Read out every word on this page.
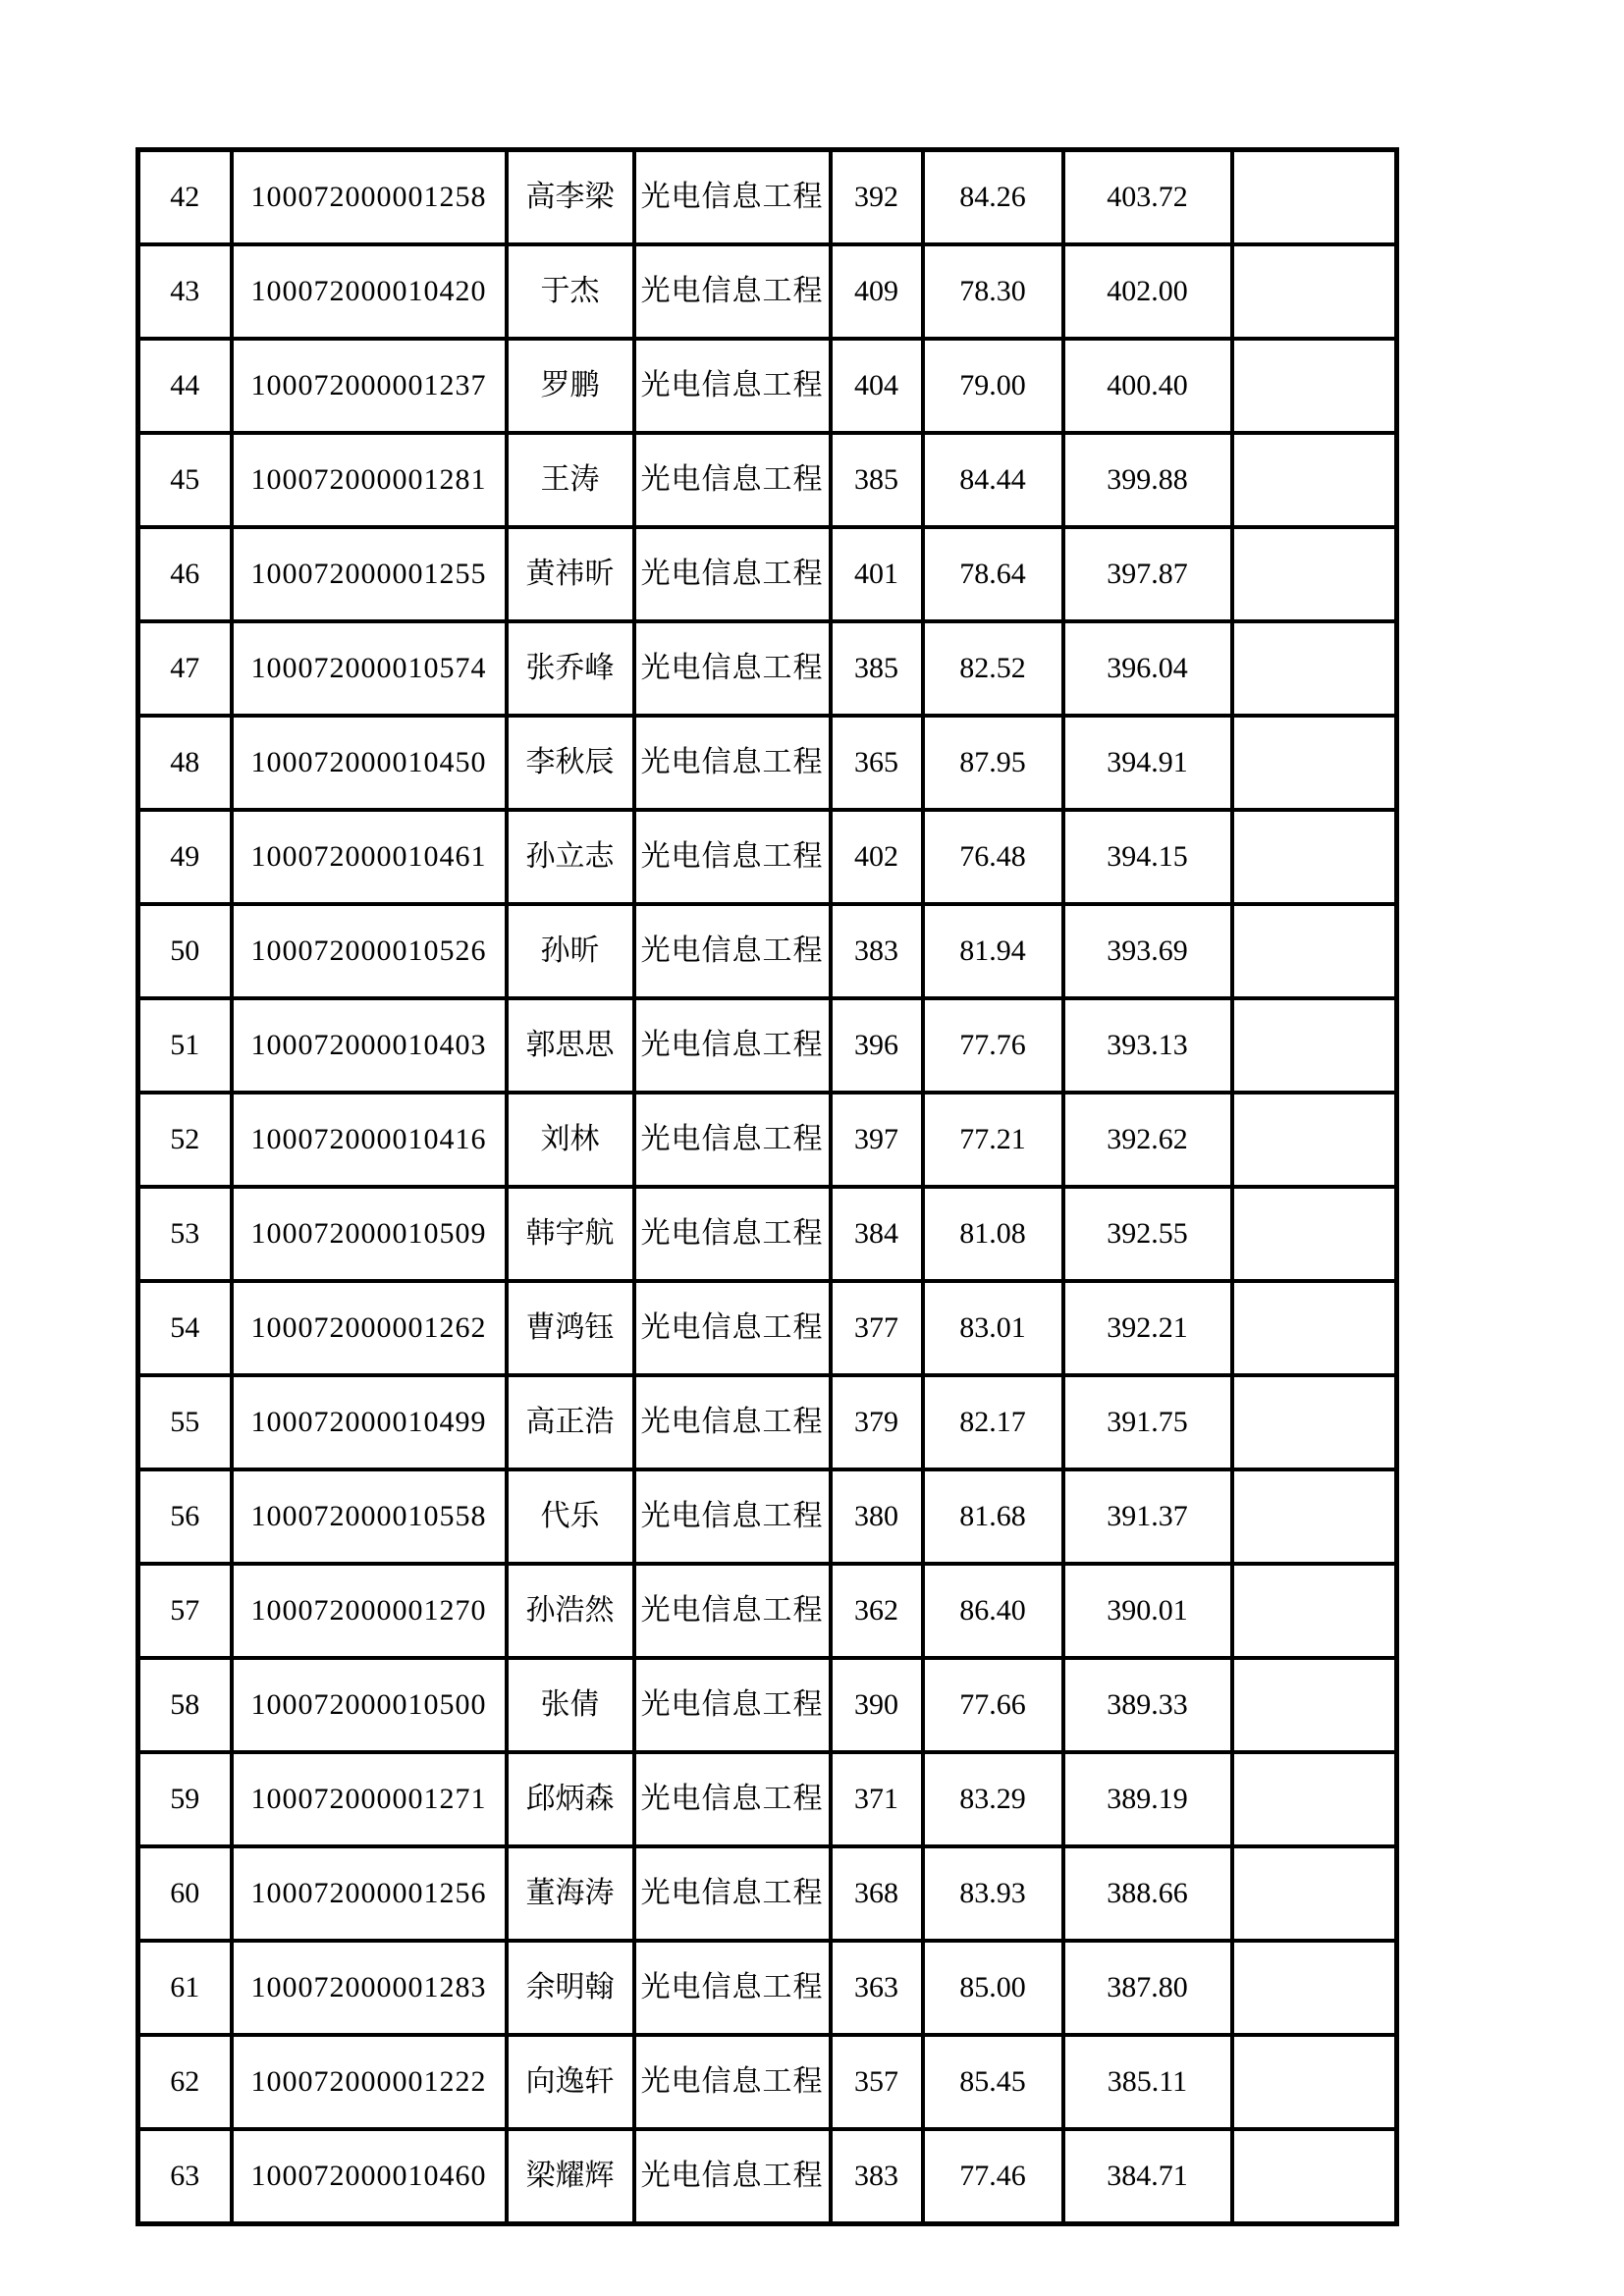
42	100072000001258	高李梁	光电信息工程	392	84.26	403.72	
43	100072000010420	于杰	光电信息工程	409	78.30	402.00	
44	100072000001237	罗鹏	光电信息工程	404	79.00	400.40	
45	100072000001281	王涛	光电信息工程	385	84.44	399.88	
46	100072000001255	黄祎昕	光电信息工程	401	78.64	397.87	
47	100072000010574	张乔峰	光电信息工程	385	82.52	396.04	
48	100072000010450	李秋辰	光电信息工程	365	87.95	394.91	
49	100072000010461	孙立志	光电信息工程	402	76.48	394.15	
50	100072000010526	孙昕	光电信息工程	383	81.94	393.69	
51	100072000010403	郭思思	光电信息工程	396	77.76	393.13	
52	100072000010416	刘林	光电信息工程	397	77.21	392.62	
53	100072000010509	韩宇航	光电信息工程	384	81.08	392.55	
54	100072000001262	曹鸿钰	光电信息工程	377	83.01	392.21	
55	100072000010499	高正浩	光电信息工程	379	82.17	391.75	
56	100072000010558	代乐	光电信息工程	380	81.68	391.37	
57	100072000001270	孙浩然	光电信息工程	362	86.40	390.01	
58	100072000010500	张倩	光电信息工程	390	77.66	389.33	
59	100072000001271	邱炳森	光电信息工程	371	83.29	389.19	
60	100072000001256	董海涛	光电信息工程	368	83.93	388.66	
61	100072000001283	余明翰	光电信息工程	363	85.00	387.80	
62	100072000001222	向逸轩	光电信息工程	357	85.45	385.11	
63	100072000010460	梁耀辉	光电信息工程	383	77.46	384.71	
